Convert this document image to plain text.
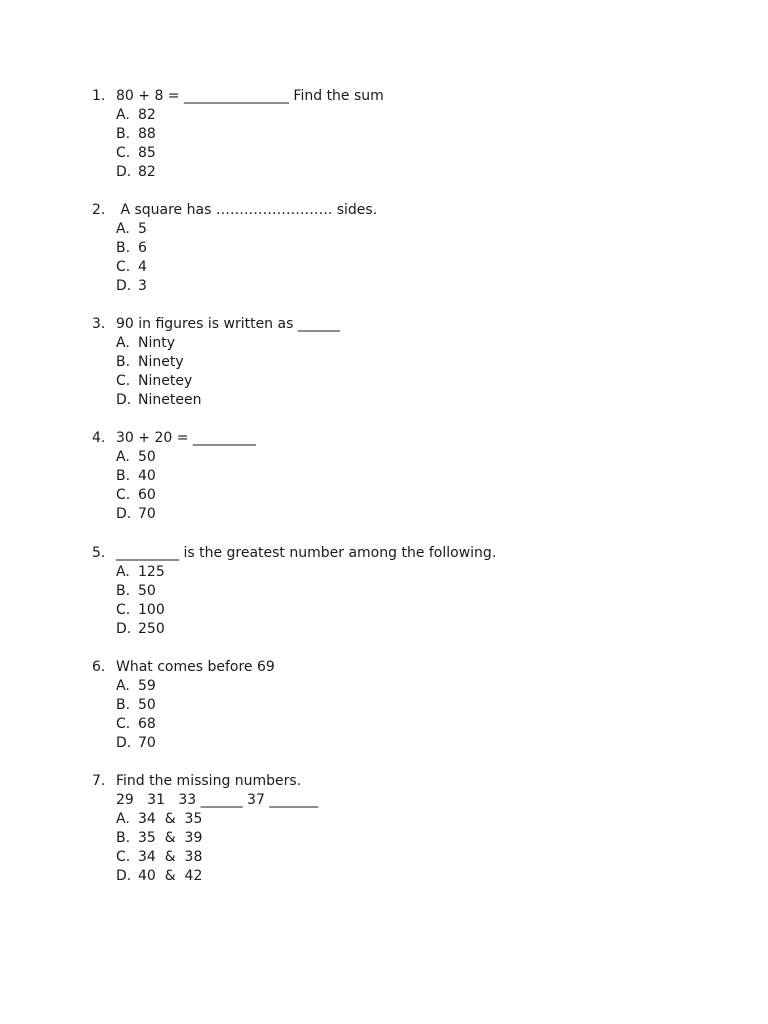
1. 80 + 8 = _______________ Find the sum
A. 82
B. 88
C. 85
D. 82
2. A square has ……………………. sides.
A. 5
B. 6
C. 4
D. 3
3. 90 in figures is written as ______
A. Ninty
B. Ninety
C. Ninetey
D. Nineteen
4. 30 + 20 = _________
A. 50
B. 40
C. 60
D. 70
5. _________ is the greatest number among the following.
A. 125
B. 50
C. 100
D. 250
6. What comes before 69
A. 59
B. 50
C. 68
D. 70
7. Find the missing numbers.
29   31   33 ______ 37 _______
A. 34  &  35
B. 35  &  39
C. 34  &  38
D. 40  &  42
